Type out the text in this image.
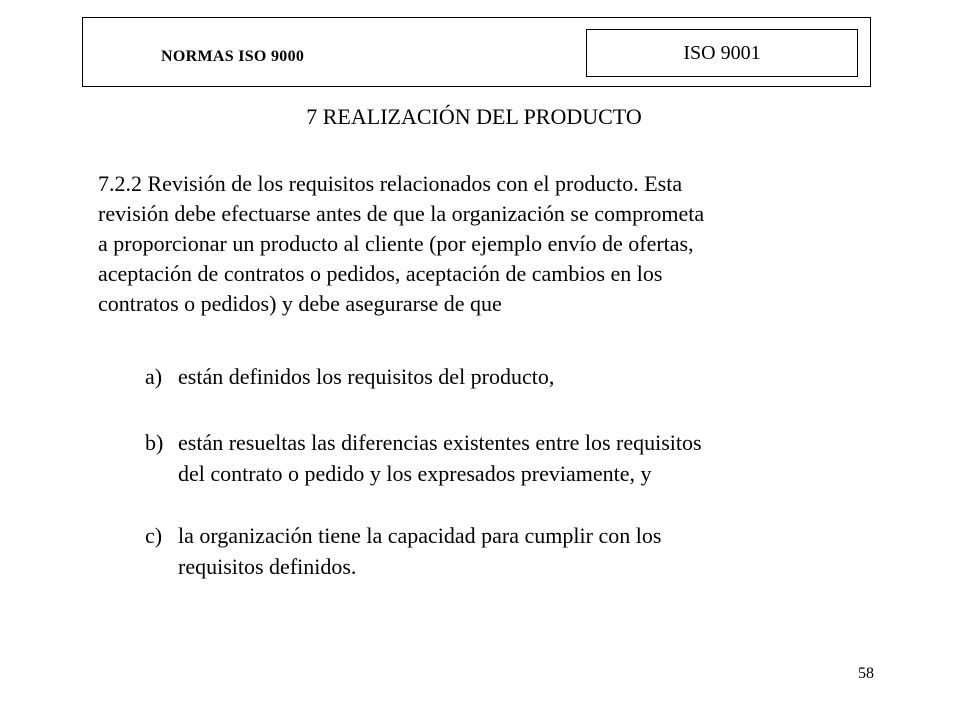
NORMAS ISO 9000	ISO 9001
7 REALIZACIÓN DEL PRODUCTO
7.2.2 Revisión de los requisitos relacionados con el producto. Esta
revisión debe efectuarse antes de que la organización se comprometa
a proporcionar un producto al cliente (por ejemplo envío de ofertas,
aceptación de contratos o pedidos, aceptación de cambios en los
contratos o pedidos) y debe asegurarse de que
a) están definidos los requisitos del producto,
b) están resueltas las diferencias existentes entre los requisitos
del contrato o pedido y los expresados previamente, y
c) la organización tiene la capacidad para cumplir con los
requisitos definidos.
58
